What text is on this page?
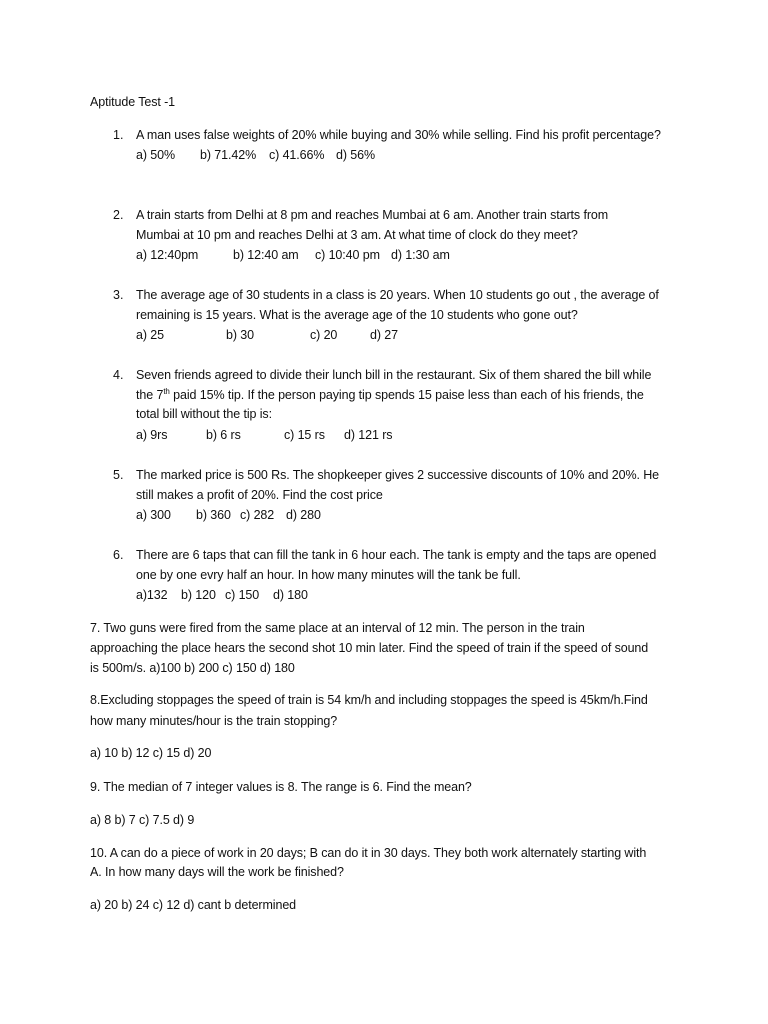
Aptitude Test -1
1. A man uses false weights of 20% while buying and 30% while selling. Find his profit percentage?
a) 50% b) 71.42% c) 41.66% d) 56%
2. A train starts from Delhi at 8 pm and reaches Mumbai at 6 am. Another train starts from
Mumbai at 10 pm and reaches Delhi at 3 am. At what time of clock do they meet?
a) 12:40pm	b) 12:40 am c) 10:40 pm d) 1:30 am
3. The average age of 30 students in a class is 20 years. When 10 students go out , the average of
remaining is 15 years. What is the average age of the 10 students who gone out?
a) 25	b) 30	c) 20	d) 27
4. Seven friends agreed to divide their lunch bill in the restaurant. Six of them shared the bill while
the 7th paid 15% tip. If the person paying tip spends 15 paise less than each of his friends, the
total bill without the tip is:
a) 9rs	b) 6 rs	c) 15 rs d) 121 rs
5. The marked price is 500 Rs. The shopkeeper gives 2 successive discounts of 10% and 20%. He
still makes a profit of 20%. Find the cost price
a) 300 b) 360 c) 282 d) 280
6. There are 6 taps that can fill the tank in 6 hour each. The tank is empty and the taps are opened
one by one evry half an hour. In how many minutes will the tank be full.
a)132 b) 120 c) 150 d) 180
7. Two guns were fired from the same place at an interval of 12 min. The person in the train
approaching the place hears the second shot 10 min later. Find the speed of train if the speed of sound
is 500m/s. a)100 b) 200 c) 150 d) 180
8.Excluding stoppages the speed of train is 54 km/h and including stoppages the speed is 45km/h.Find
how many minutes/hour is the train stopping?
a) 10 b) 12 c) 15 d) 20
9. The median of 7 integer values is 8. The range is 6. Find the mean?
a) 8 b) 7 c) 7.5 d) 9
10. A can do a piece of work in 20 days; B can do it in 30 days. They both work alternately starting with
A. In how many days will the work be finished?
a) 20 b) 24 c) 12 d) cant b determined
